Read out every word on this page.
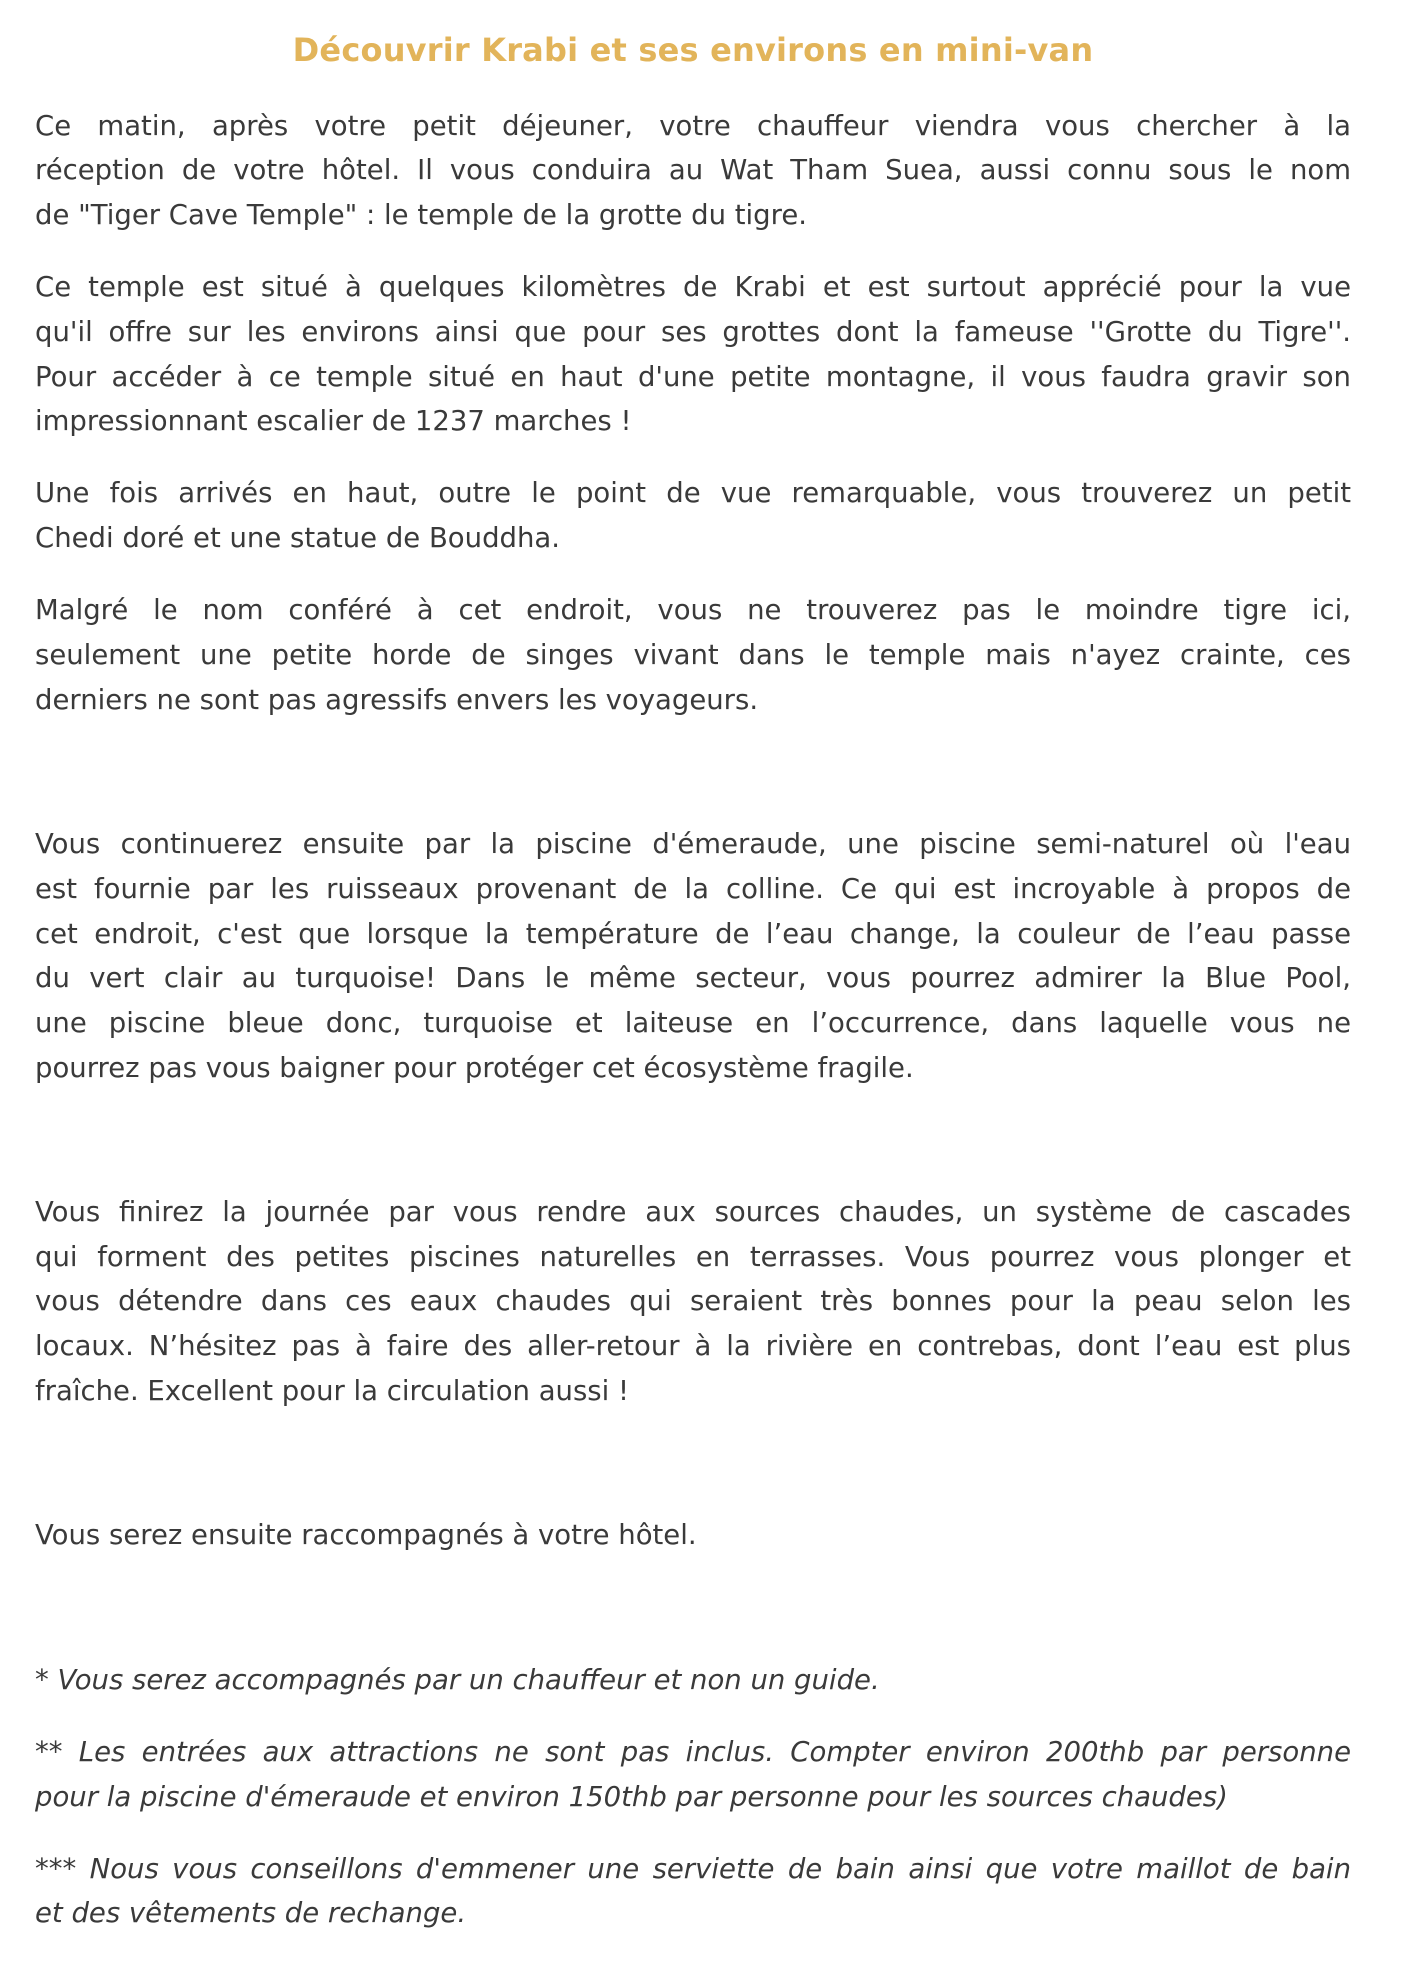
Découvrir Krabi et ses environs en mini-van

Ce matin, après votre petit déjeuner, votre chauffeur viendra vous chercher à la
réception de votre hôtel. Il vous conduira au Wat Tham Suea, aussi connu sous le nom
de "Tiger Cave Temple" : le temple de la grotte du tigre.

Ce temple est situé à quelques kilomètres de Krabi et est surtout apprécié pour la vue
qu'il offre sur les environs ainsi que pour ses grottes dont la fameuse ''Grotte du Tigre''.
Pour accéder à ce temple situé en haut d'une petite montagne, il vous faudra gravir son
impressionnant escalier de 1237 marches !

Une fois arrivés en haut, outre le point de vue remarquable, vous trouverez un petit
Chedi doré et une statue de Bouddha.

Malgré le nom conféré à cet endroit, vous ne trouverez pas le moindre tigre ici,
seulement une petite horde de singes vivant dans le temple mais n'ayez crainte, ces
derniers ne sont pas agressifs envers les voyageurs.

Vous continuerez ensuite par la piscine d'émeraude, une piscine semi-naturel où l'eau
est fournie par les ruisseaux provenant de la colline. Ce qui est incroyable à propos de
cet endroit, c'est que lorsque la température de l’eau change, la couleur de l’eau passe
du vert clair au turquoise! Dans le même secteur, vous pourrez admirer la Blue Pool,
une piscine bleue donc, turquoise et laiteuse en l’occurrence, dans laquelle vous ne
pourrez pas vous baigner pour protéger cet écosystème fragile.

Vous finirez la journée par vous rendre aux sources chaudes, un système de cascades
qui forment des petites piscines naturelles en terrasses. Vous pourrez vous plonger et
vous détendre dans ces eaux chaudes qui seraient très bonnes pour la peau selon les
locaux. N’hésitez pas à faire des aller-retour à la rivière en contrebas, dont l’eau est plus
fraîche. Excellent pour la circulation aussi !

Vous serez ensuite raccompagnés à votre hôtel.

* Vous serez accompagnés par un chauffeur et non un guide.

** Les entrées aux attractions ne sont pas inclus. Compter environ 200thb par personne
pour la piscine d'émeraude et environ 150thb par personne pour les sources chaudes)

*** Nous vous conseillons d'emmener une serviette de bain ainsi que votre maillot de bain
et des vêtements de rechange.
